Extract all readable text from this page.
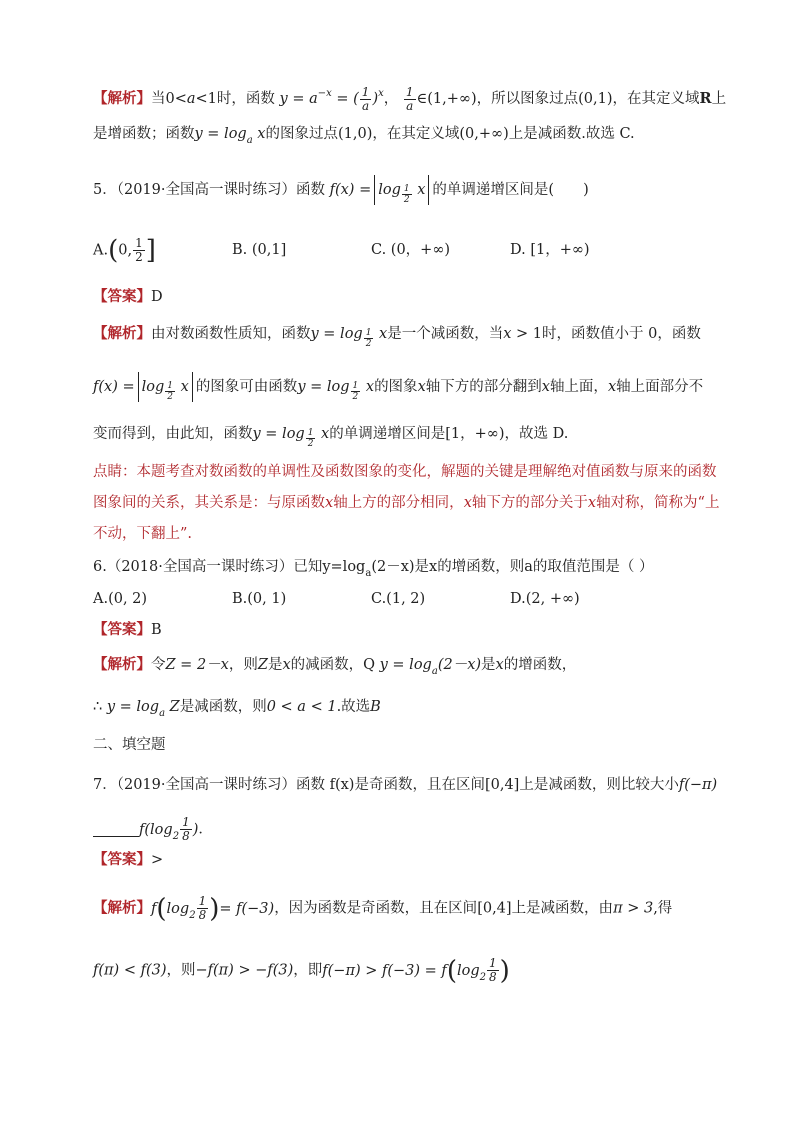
【解析】当0<a<1时，函数 $y = a^{-x}$ = ( $\frac{1}{a} )^x$， $\frac{1}{a}$ ∈(1,+∞)，所以图象过点(0,1)，在其定义域R上
是增函数；函数$y = \log_a x$的图象过点(1,0)，在其定义域(0,+∞)上是减函数.故选 C.
5．（2019·全国高一课时练习）函数 $f(x) = \log \frac{1}{2}$ x 的单调递增区间是(　　)
A.(0, $\frac{1}{2}$ ]	B. (0,1]	C. (0，+∞)	D. [1，+∞)
【答案】D
【解析】由对数函数性质知，函数$y = \log \frac{1}{2}$ x是一个减函数，当x > 1时，函数值小于 0，函数
$f(x) = \log \frac{1}{2}$ x 的图象可由函数$y = \log \frac{1}{2}$ x的图象x轴下方的部分翻到x轴上面，x轴上面部分不
变而得到，由此知，函数$y = \log \frac{1}{2}$ x的单调递增区间是[1，+∞)，故选 D.
点睛：本题考查对数函数的单调性及函数图象的变化，解题的关键是理解绝对值函数与原来的函数
图象间的关系，其关系是：与原函数x轴上方的部分相同，x轴下方的部分关于x轴对称，简称为“上
不动，下翻上”.
6.（2018·全国高一课时练习）已知$y=\log_a(2-x)$是x的增函数，则a的取值范围是（ ）
A.(0, 2)	B.(0, 1)	C.(1, 2)	D.(2, +∞)
【答案】B
【解析】令Z = 2－x，则Z是x的减函数，Q $y = \log_a(2-x)$是x的增函数，
∴ $y = \log_a Z$是减函数，则0 < a < 1.故选B
二、填空题
7．（2019·全国高一课时练习）函数 f(x)是奇函数，且在区间[0,4]上是减函数，则比较大小f(−π)
$f(\log_2 \frac{1}{8}$ )．
【答案】>
【解析】$f(\log_2 \frac{1}{8}$ )= f(−3)，因为函数是奇函数，且在区间[0,4]上是减函数，由π > 3,得
f(π) < f(3)，则−f(π) > −f(3)，即$f(-\pi) > f(-3) = f(\log_2 \frac{1}{8}$ )
